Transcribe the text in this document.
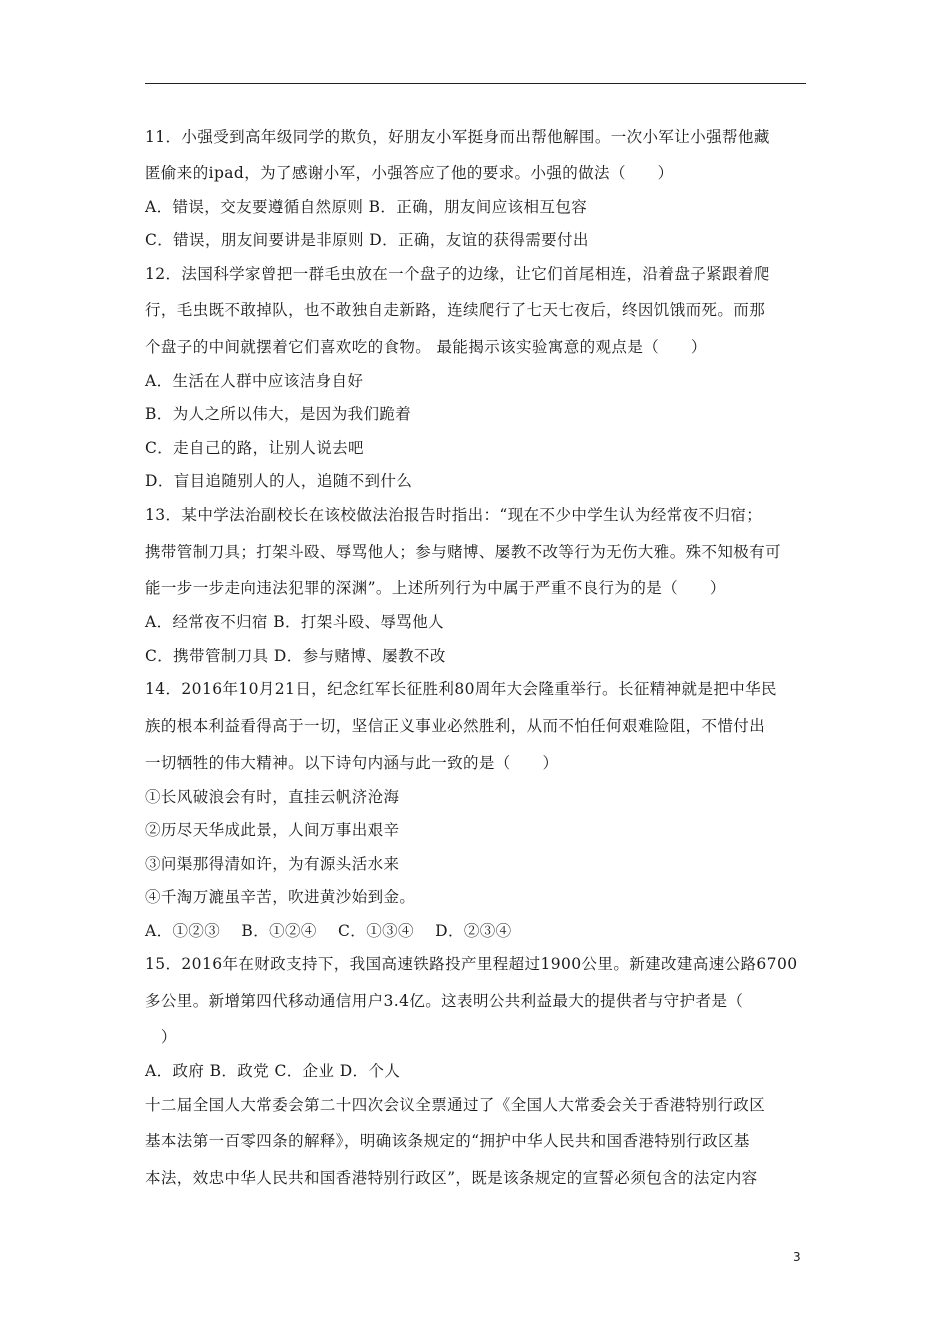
11．小强受到高年级同学的欺负，好朋友小军挺身而出帮他解围。一次小军让小强帮他藏
匿偷来的ipad，为了感谢小军，小强答应了他的要求。小强的做法（　　）
A．错误，交友要遵循自然原则 B．正确，朋友间应该相互包容
C．错误，朋友间要讲是非原则 D．正确，友谊的获得需要付出
12．法国科学家曾把一群毛虫放在一个盘子的边缘，让它们首尾相连，沿着盘子紧跟着爬
行，毛虫既不敢掉队，也不敢独自走新路，连续爬行了七天七夜后，终因饥饿而死。而那
个盘子的中间就摆着它们喜欢吃的食物。 最能揭示该实验寓意的观点是（　　）
A．生活在人群中应该洁身自好
B．为人之所以伟大，是因为我们跪着
C．走自己的路，让别人说去吧
D．盲目追随别人的人，追随不到什么
13．某中学法治副校长在该校做法治报告时指出：“现在不少中学生认为经常夜不归宿；
携带管制刀具；打架斗殴、辱骂他人；参与赌博、屡教不改等行为无伤大雅。殊不知极有可
能一步一步走向违法犯罪的深渊”。上述所列行为中属于严重不良行为的是（　　）
A．经常夜不归宿 B．打架斗殴、辱骂他人
C．携带管制刀具 D．参与赌博、屡教不改
14．2016年10月21日，纪念红军长征胜利80周年大会隆重举行。长征精神就是把中华民
族的根本利益看得高于一切，坚信正义事业必然胜利，从而不怕任何艰难险阻，不惜付出
一切牺牲的伟大精神。以下诗句内涵与此一致的是（　　）
①长风破浪会有时，直挂云帆济沧海
②历尽天华成此景，人间万事出艰辛
③问渠那得清如许，为有源头活水来
④千淘万漉虽辛苦，吹进黄沙始到金。
A．①②③　 B．①②④　 C．①③④　 D．②③④
15．2016年在财政支持下，我国高速铁路投产里程超过1900公里。新建改建高速公路6700
多公里。新增第四代移动通信用户3.4亿。这表明公共利益最大的提供者与守护者是（
　）
A．政府 B．政党 C．企业 D．个人
十二届全国人大常委会第二十四次会议全票通过了《全国人大常委会关于香港特别行政区
基本法第一百零四条的解释》，明确该条规定的“拥护中华人民共和国香港特别行政区基
本法，效忠中华人民共和国香港特别行政区”，既是该条规定的宣誓必须包含的法定内容
3
